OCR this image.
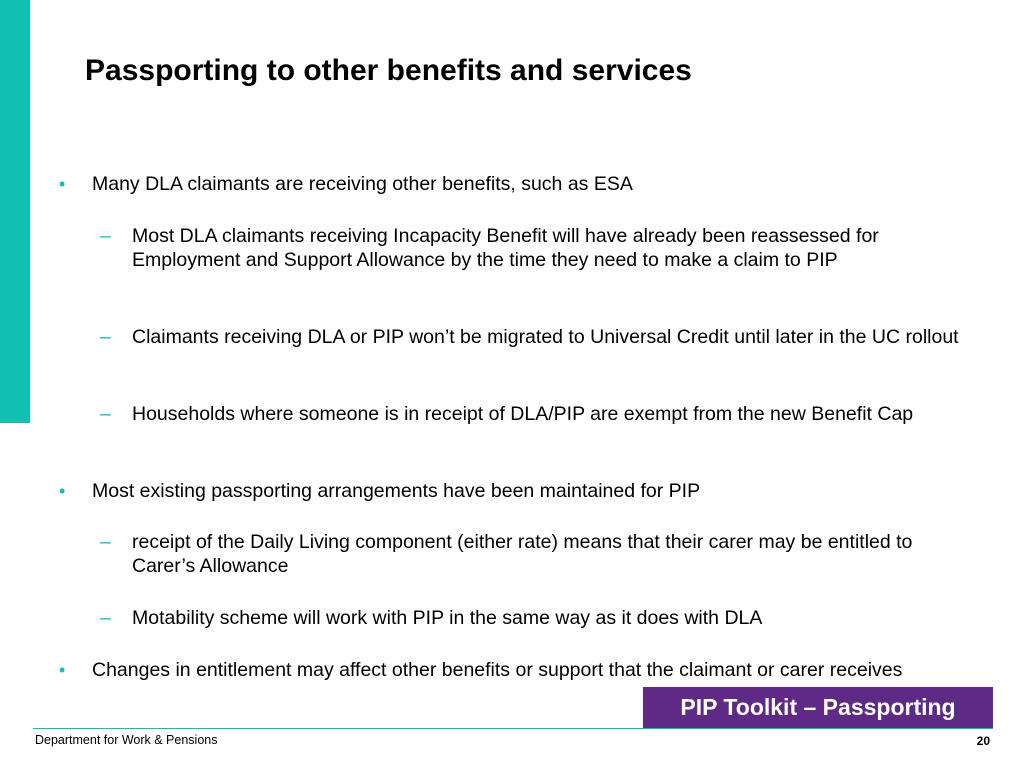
Passporting to other benefits and services
• Many DLA claimants are receiving other benefits, such as ESA
– Most DLA claimants receiving Incapacity Benefit will have already been reassessed for Employment and Support Allowance by the time they need to make a claim to PIP
– Claimants receiving DLA or PIP won’t be migrated to Universal Credit until later in the UC rollout
– Households where someone is in receipt of DLA/PIP are exempt from the new Benefit Cap
• Most existing passporting arrangements have been maintained for PIP
– receipt of the Daily Living component (either rate) means that their carer may be entitled to Carer’s Allowance
– Motability scheme will work with PIP in the same way as it does with DLA
• Changes in entitlement may affect other benefits or support that the claimant or carer receives
PIP Toolkit – Passporting
Department for Work & Pensions	20
